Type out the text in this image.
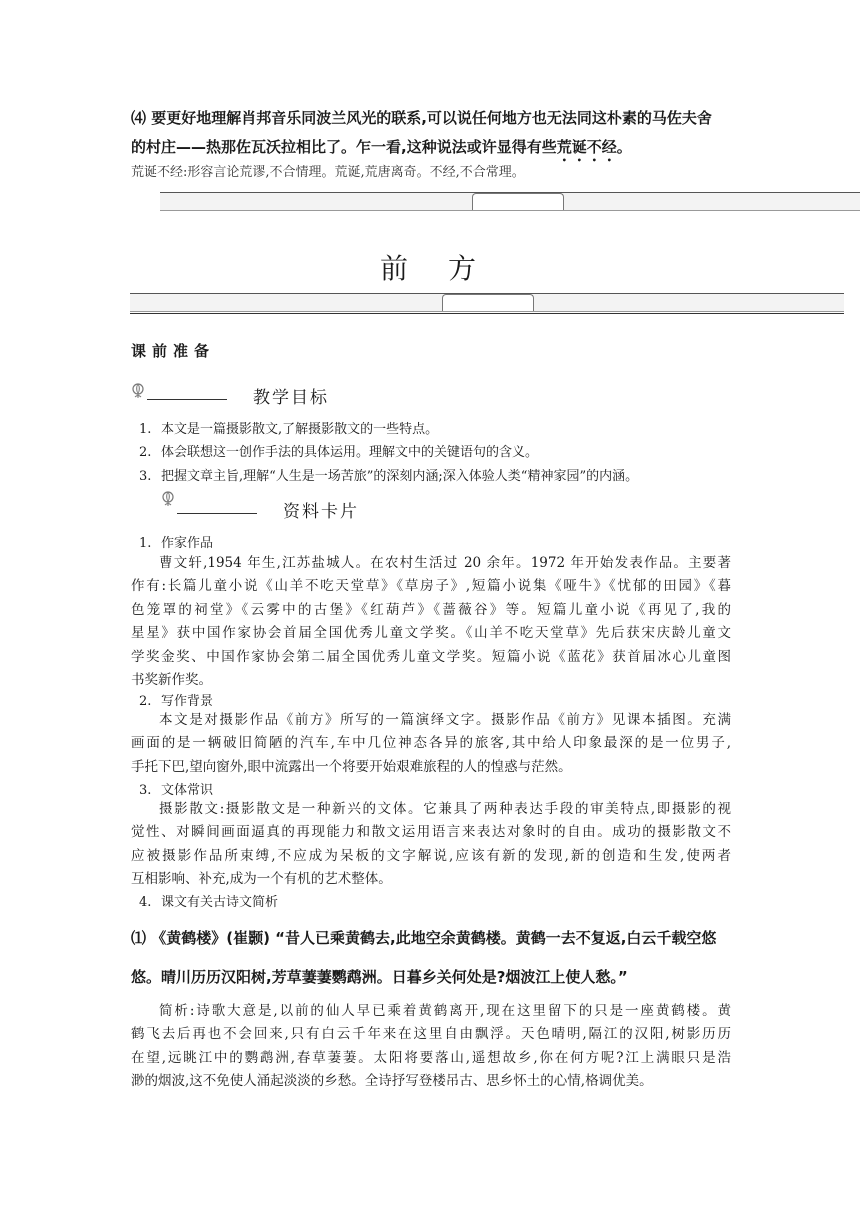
⑷ 要更好地理解肖邦音乐同波兰风光的联系,可以说任何地方也无法同这朴素的马佐夫舍
的村庄——热那佐瓦沃拉相比了。乍一看,这种说法或许显得有些荒诞不经。
荒诞不经:形容言论荒谬,不合情理。荒诞,荒唐离奇。不经,不合常理。
前方
课前准备
教学目标
1. 本文是一篇摄影散文,了解摄影散文的一些特点。
2. 体会联想这一创作手法的具体运用。理解文中的关键语句的含义。
3. 把握文章主旨,理解“人生是一场苦旅”的深刻内涵;深入体验人类“精神家园”的内涵。
资料卡片
1. 作家作品
曹文轩,1954 年生,江苏盐城人。在农村生活过 20 余年。1972 年开始发表作品。主要著
作有:长篇儿童小说《山羊不吃天堂草》《草房子》,短篇小说集《哑牛》《忧郁的田园》《暮
色笼罩的祠堂》《云雾中的古堡》《红葫芦》《蔷薇谷》等。短篇儿童小说《再见了,我的
星星》获中国作家协会首届全国优秀儿童文学奖。《山羊不吃天堂草》先后获宋庆龄儿童文
学奖金奖、中国作家协会第二届全国优秀儿童文学奖。短篇小说《蓝花》获首届冰心儿童图
书奖新作奖。
2. 写作背景
本文是对摄影作品《前方》所写的一篇演绎文字。摄影作品《前方》见课本插图。充满
画面的是一辆破旧简陋的汽车,车中几位神态各异的旅客,其中给人印象最深的是一位男子,
手托下巴,望向窗外,眼中流露出一个将要开始艰难旅程的人的惶惑与茫然。
3. 文体常识
摄影散文:摄影散文是一种新兴的文体。它兼具了两种表达手段的审美特点,即摄影的视
觉性、对瞬间画面逼真的再现能力和散文运用语言来表达对象时的自由。成功的摄影散文不
应被摄影作品所束缚,不应成为呆板的文字解说,应该有新的发现,新的创造和生发,使两者
互相影响、补充,成为一个有机的艺术整体。
4. 课文有关古诗文简析
⑴ 《黄鹤楼》(崔颢) “昔人已乘黄鹤去,此地空余黄鹤楼。黄鹤一去不复返,白云千载空悠
悠。晴川历历汉阳树,芳草萋萋鹦鹉洲。日暮乡关何处是?烟波江上使人愁。”
简析:诗歌大意是,以前的仙人早已乘着黄鹤离开,现在这里留下的只是一座黄鹤楼。黄
鹤飞去后再也不会回来,只有白云千年来在这里自由飘浮。天色晴明,隔江的汉阳,树影历历
在望,远眺江中的鹦鹉洲,春草萋萋。太阳将要落山,遥想故乡,你在何方呢?江上满眼只是浩
渺的烟波,这不免使人涌起淡淡的乡愁。全诗抒写登楼吊古、思乡怀土的心情,格调优美。
